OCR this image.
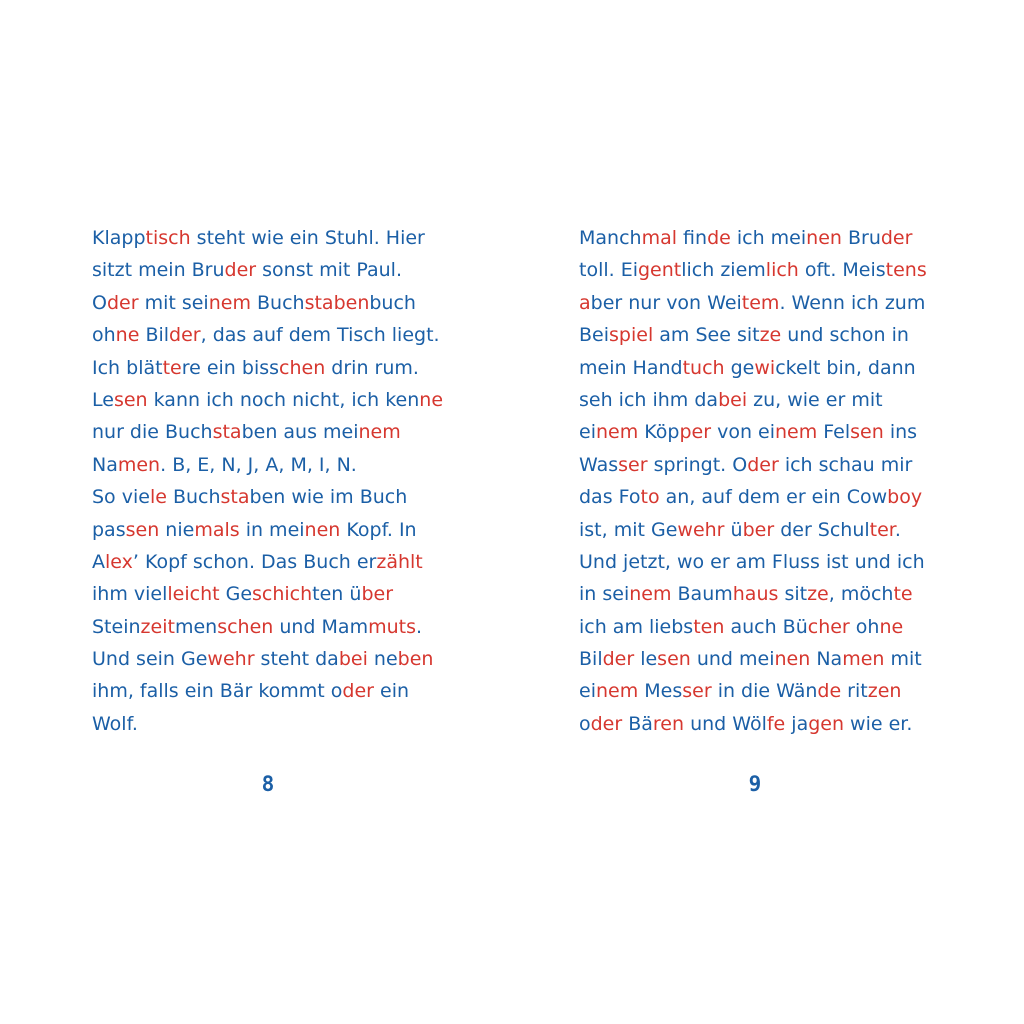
Klapptisch steht wie ein Stuhl. Hier
sitzt mein Bruder sonst mit Paul.
Oder mit seinem Buchstabenbuch
ohne Bilder, das auf dem Tisch liegt.
Ich blättere ein bisschen drin rum.
Lesen kann ich noch nicht, ich kenne
nur die Buchstaben aus meinem
Namen. B, E, N, J, A, M, I, N.
So viele Buchstaben wie im Buch
passen niemals in meinen Kopf. In
Alex’ Kopf schon. Das Buch erzählt
ihm vielleicht Geschichten über
Steinzeitmenschen und Mammuts.
Und sein Gewehr steht dabei neben
ihm, falls ein Bär kommt oder ein
Wolf.
Manchmal finde ich meinen Bruder
toll. Eigentlich ziemlich oft. Meistens
aber nur von Weitem. Wenn ich zum
Beispiel am See sitze und schon in
mein Handtuch gewickelt bin, dann
seh ich ihm dabei zu, wie er mit
einem Köpper von einem Felsen ins
Wasser springt. Oder ich schau mir
das Foto an, auf dem er ein Cowboy
ist, mit Gewehr über der Schulter.
Und jetzt, wo er am Fluss ist und ich
in seinem Baumhaus sitze, möchte
ich am liebsten auch Bücher ohne
Bilder lesen und meinen Namen mit
einem Messer in die Wände ritzen
oder Bären und Wölfe jagen wie er.
8	9
